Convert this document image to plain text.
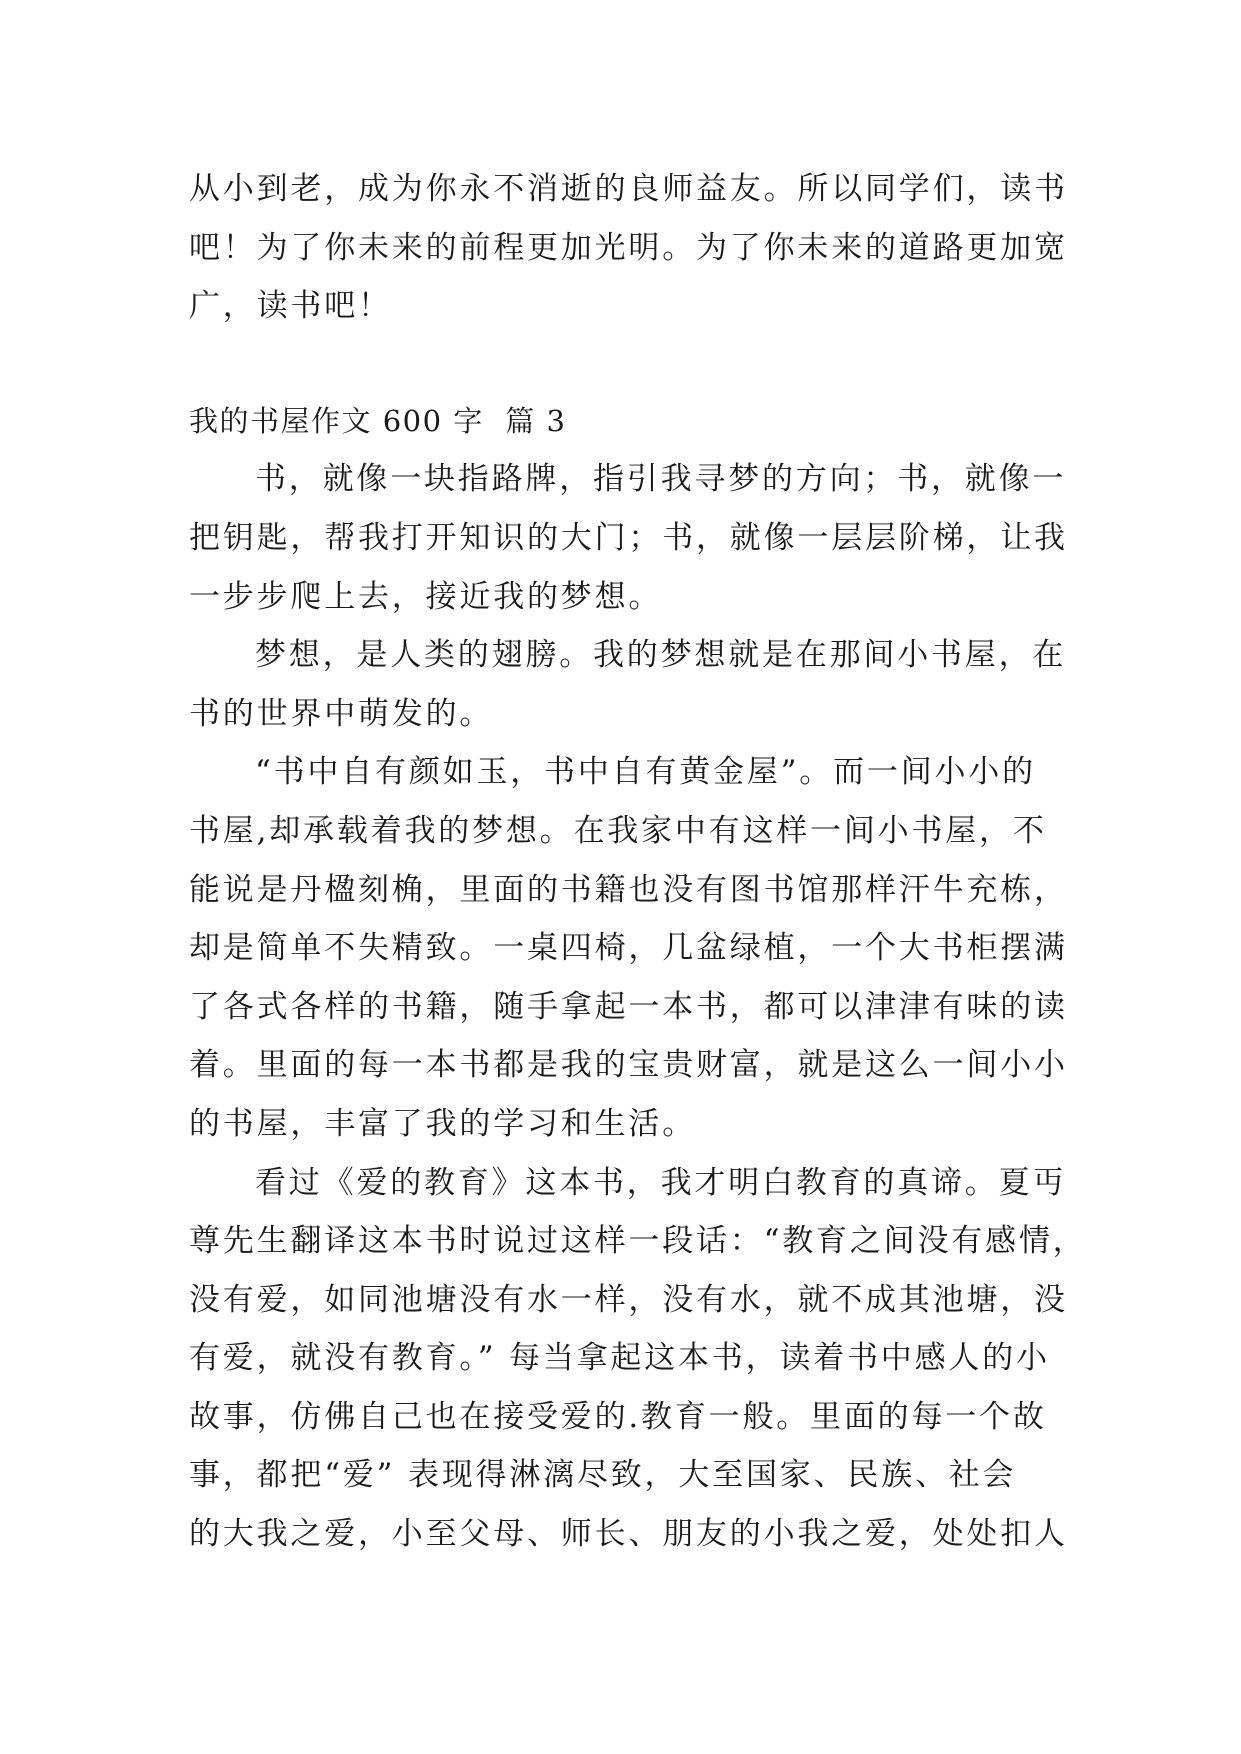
从小到老，成为你永不消逝的良师益友。所以同学们，读书
吧！为了你未来的前程更加光明。为了你未来的道路更加宽
广，读书吧！
我的书屋作文 600 字  篇 3
书，就像一块指路牌，指引我寻梦的方向；书，就像一
把钥匙，帮我打开知识的大门；书，就像一层层阶梯，让我
一步步爬上去，接近我的梦想。
梦想，是人类的翅膀。我的梦想就是在那间小书屋，在
书的世界中萌发的。
“书中自有颜如玉，书中自有黄金屋”。而一间小小的
书屋,却承载着我的梦想。在我家中有这样一间小书屋，不
能说是丹楹刻桷，里面的书籍也没有图书馆那样汗牛充栋，
却是简单不失精致。一桌四椅，几盆绿植，一个大书柜摆满
了各式各样的书籍，随手拿起一本书，都可以津津有味的读
着。里面的每一本书都是我的宝贵财富，就是这么一间小小
的书屋，丰富了我的学习和生活。
看过《爱的教育》这本书，我才明白教育的真谛。夏丏
尊先生翻译这本书时说过这样一段话：“教育之间没有感情，
没有爱，如同池塘没有水一样，没有水，就不成其池塘，没
有爱，就没有教育。” 每当拿起这本书，读着书中感人的小
故事，仿佛自己也在接受爱的.教育一般。里面的每一个故
事，都把“爱” 表现得淋漓尽致，大至国家、民族、社会
的大我之爱，小至父母、师长、朋友的小我之爱，处处扣人
